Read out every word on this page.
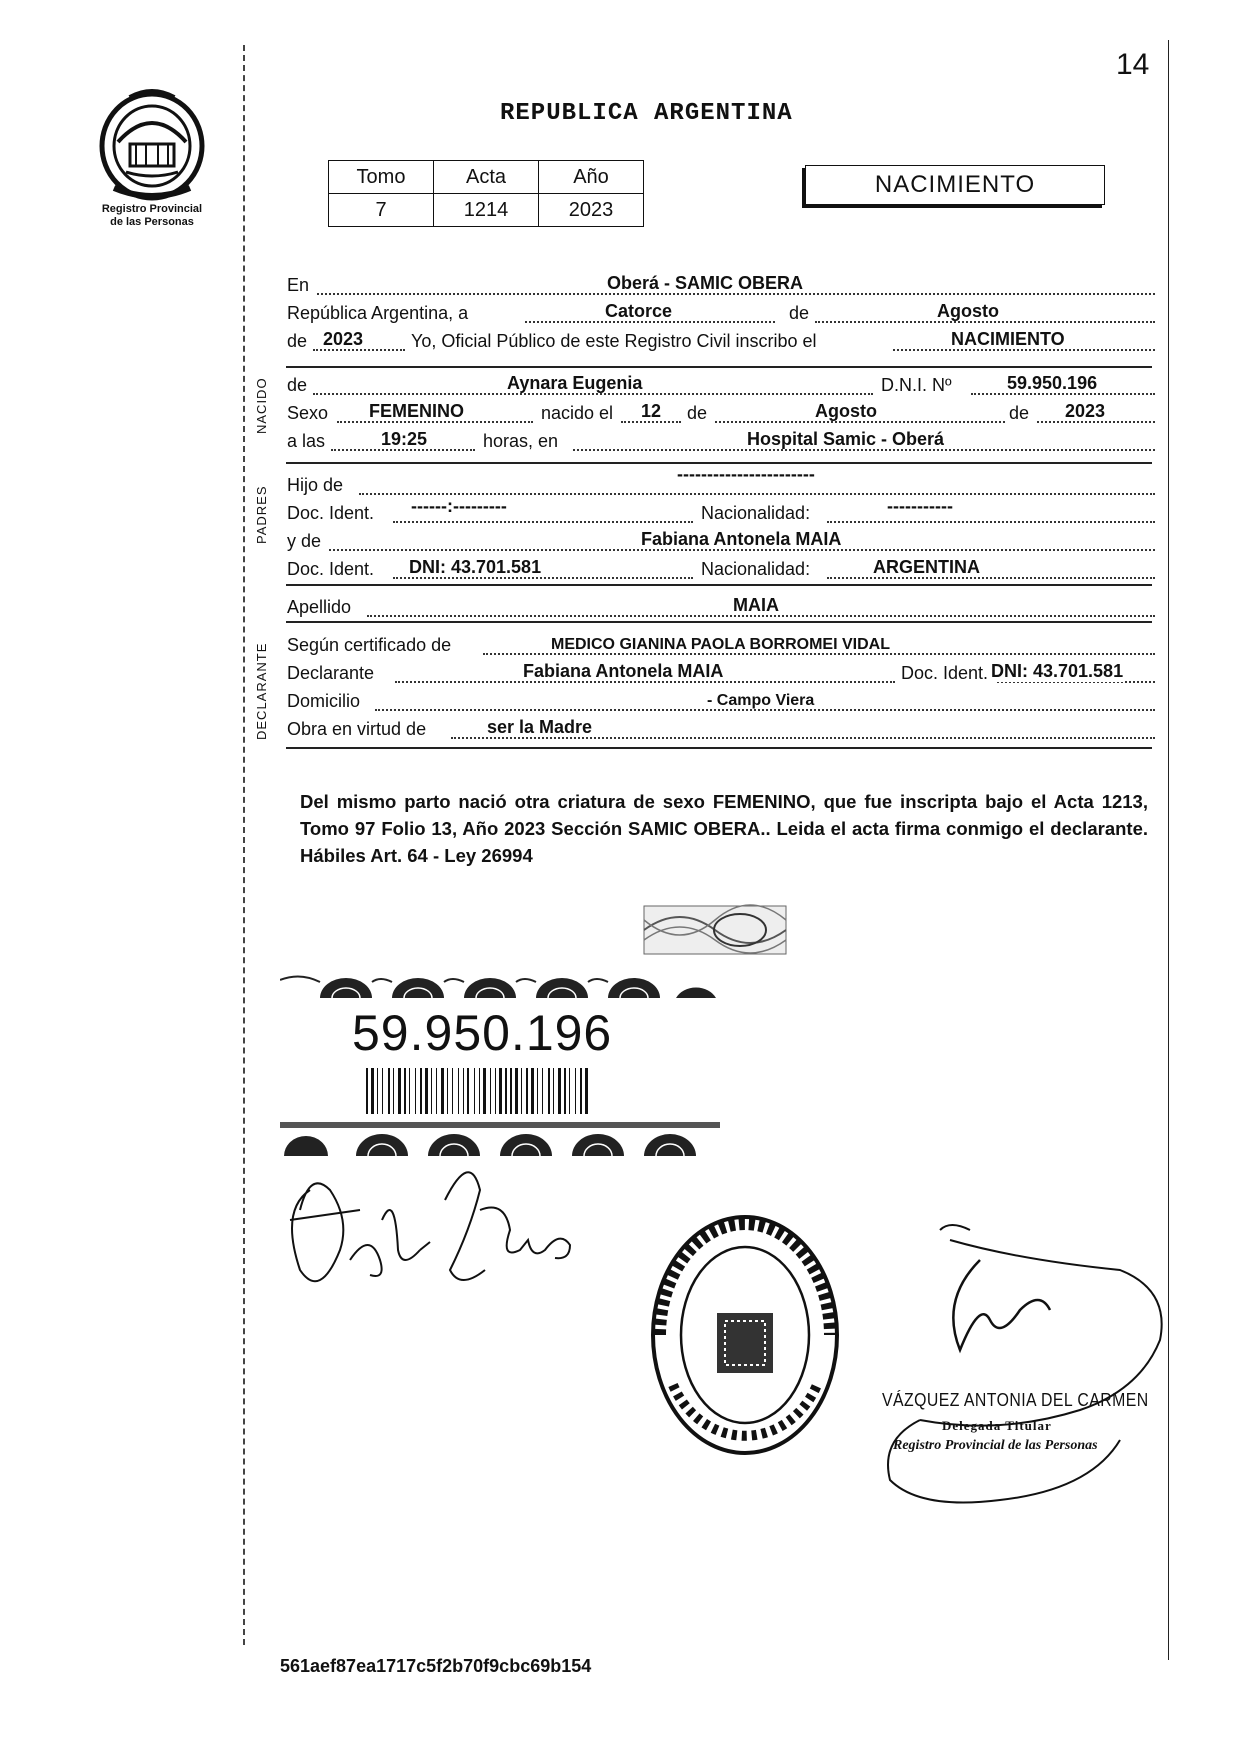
14
Registro Provincial
de las Personas
REPUBLICA ARGENTINA
Tomo	Acta	Año
7	1214	2023
NACIMIENTO
NACIDO
PADRES
DECLARANTE
En	Oberá - SAMIC OBERA
República Argentina, a	Catorce	de	Agosto
de 2023	Yo, Oficial Público de este Registro Civil inscribo el	NACIMIENTO
de	Aynara Eugenia	D.N.I. Nº	59.950.196
Sexo FEMENINO	nacido el 12 de	Agosto	de 2023
a las	19:25	horas, en	Hospital Samic - Oberá
Hijo de
-----------------------
Doc. Ident. ------:---------	Nacionalidad:	-----------
y de	Fabiana Antonela MAIA
Doc. Ident. DNI: 43.701.581	Nacionalidad:	ARGENTINA
Apellido	MAIA
Según certificado de	MEDICO GIANINA PAOLA BORROMEI VIDAL
Declarante	Fabiana Antonela MAIA	Doc. Ident. DNI: 43.701.581
Domicilio	- Campo Viera
Obra en virtud de	ser la Madre
Del mismo parto nació otra criatura de sexo FEMENINO, que fue inscripta bajo el Acta 1213, Tomo 97 Folio 13, Año 2023 Sección SAMIC OBERA.. Leida el acta firma conmigo el declarante. Hábiles Art. 64 - Ley 26994
59.950.196
VÁZQUEZ ANTONIA DEL CARMEN
Delegada Titular
Registro Provincial de las Personas
561aef87ea1717c5f2b70f9cbc69b154
